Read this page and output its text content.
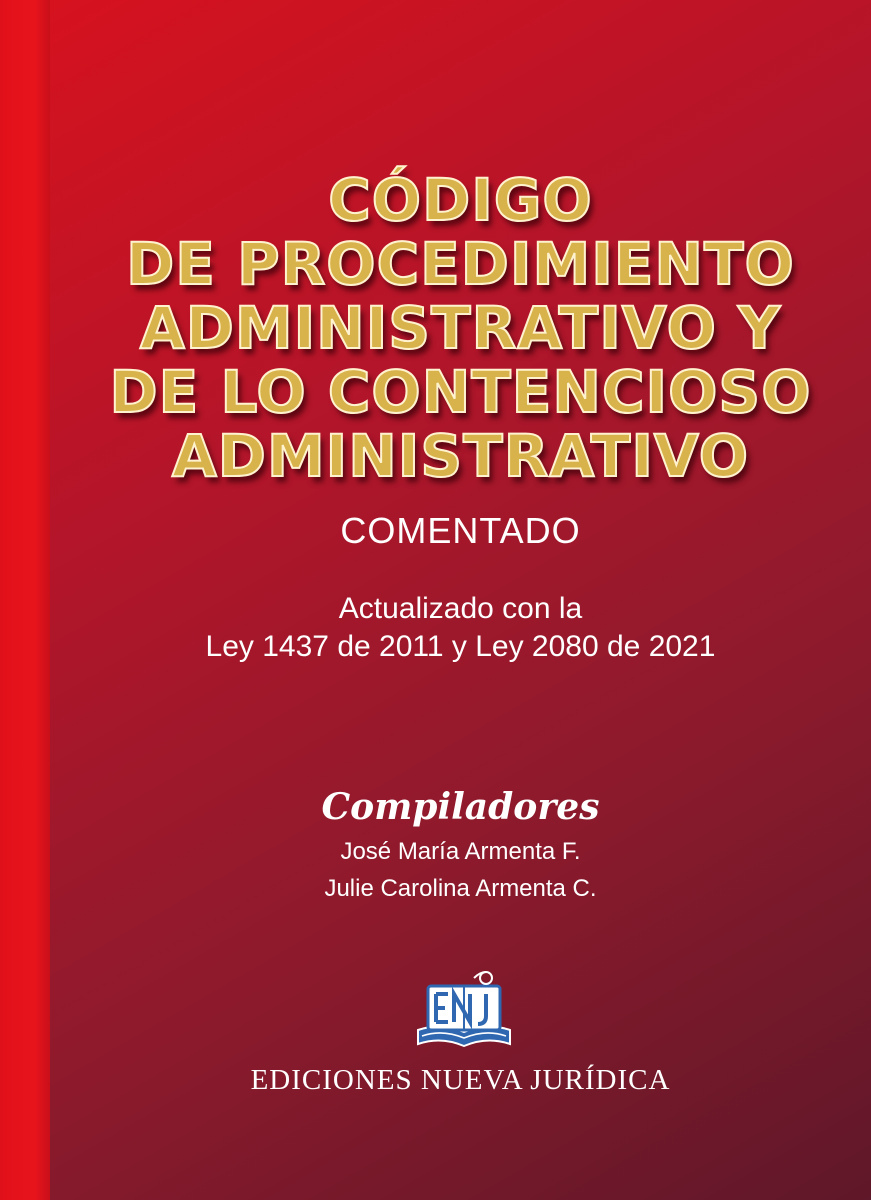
CÓDIGO
DE PROCEDIMIENTO
ADMINISTRATIVO Y
DE LO CONTENCIOSO
ADMINISTRATIVO
COMENTADO
Actualizado con la
Ley 1437 de 2011 y Ley 2080 de 2021
Compiladores
José María Armenta F.
Julie Carolina Armenta C.
EDICIONES NUEVA JURÍDICA
